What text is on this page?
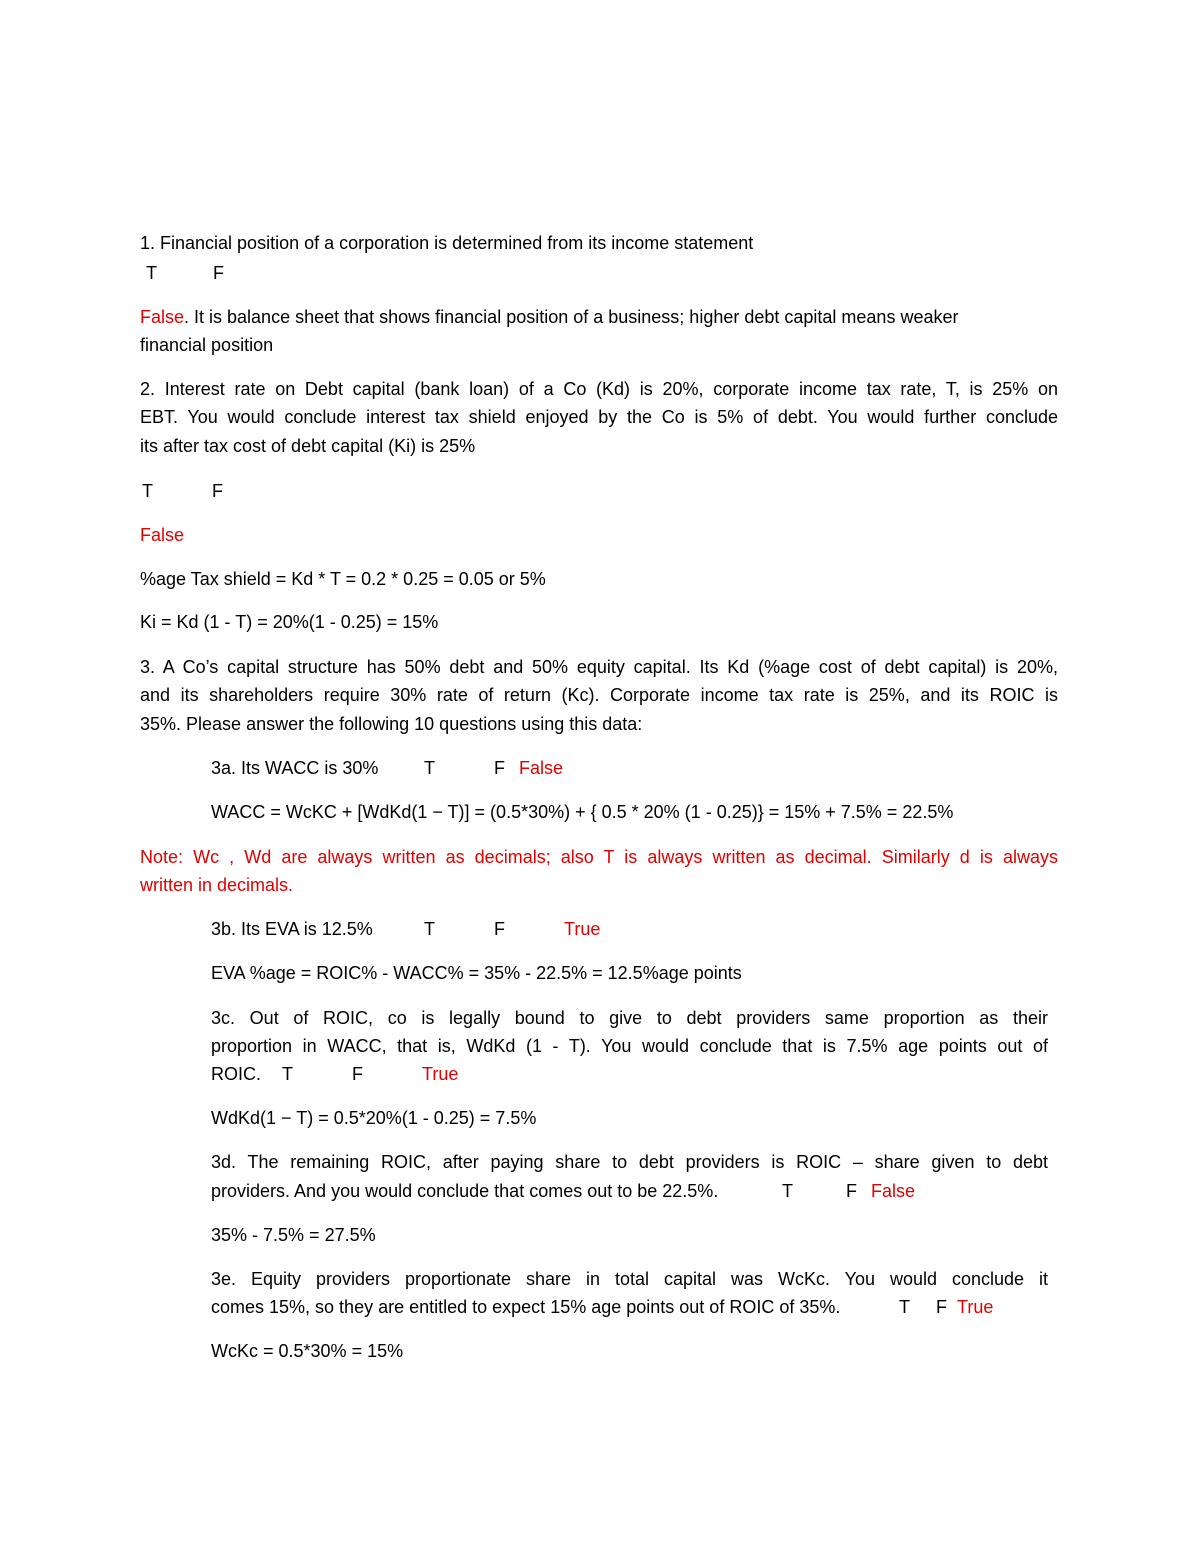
1. Financial position of a corporation is determined from its income statement
T	F
False. It is balance sheet that shows financial position of a business; higher debt capital means weaker
financial position
2. Interest rate on Debt capital (bank loan) of a Co (Kd) is 20%, corporate income tax rate, T, is 25% on
EBT. You would conclude interest tax shield enjoyed by the Co is 5% of debt. You would further conclude
its after tax cost of debt capital (Ki) is 25%
T	F
False
%age Tax shield = Kd * T = 0.2 * 0.25 = 0.05 or 5%
Ki = Kd (1 - T) = 20%(1 - 0.25) = 15%
3. A Co’s capital structure has 50% debt and 50% equity capital. Its Kd (%age cost of debt capital) is 20%,
and its shareholders require 30% rate of return (Kc). Corporate income tax rate is 25%, and its ROIC is
35%. Please answer the following 10 questions using this data:
3a. Its WACC is 30%	T	F False
WACC = WcKC + [WdKd(1 − T)] = (0.5*30%) + { 0.5 * 20% (1 - 0.25)} = 15% + 7.5% = 22.5%
Note: Wc , Wd are always written as decimals; also T is always written as decimal. Similarly d is always
written in decimals.
3b. Its EVA is 12.5%	T	F	True
EVA %age = ROIC% - WACC% = 35% - 22.5% = 12.5%age points
3c. Out of ROIC, co is legally bound to give to debt providers same proportion as their
proportion in WACC, that is, WdKd (1 - T). You would conclude that is 7.5% age points out of
ROIC. T	F	True
WdKd(1 − T) = 0.5*20%(1 - 0.25) = 7.5%
3d. The remaining ROIC, after paying share to debt providers is ROIC – share given to debt
providers. And you would conclude that comes out to be 22.5%.	T	F False
35% - 7.5% = 27.5%
3e. Equity providers proportionate share in total capital was WcKc. You would conclude it
comes 15%, so they are entitled to expect 15% age points out of ROIC of 35%.	T F True
WcKc = 0.5*30% = 15%
